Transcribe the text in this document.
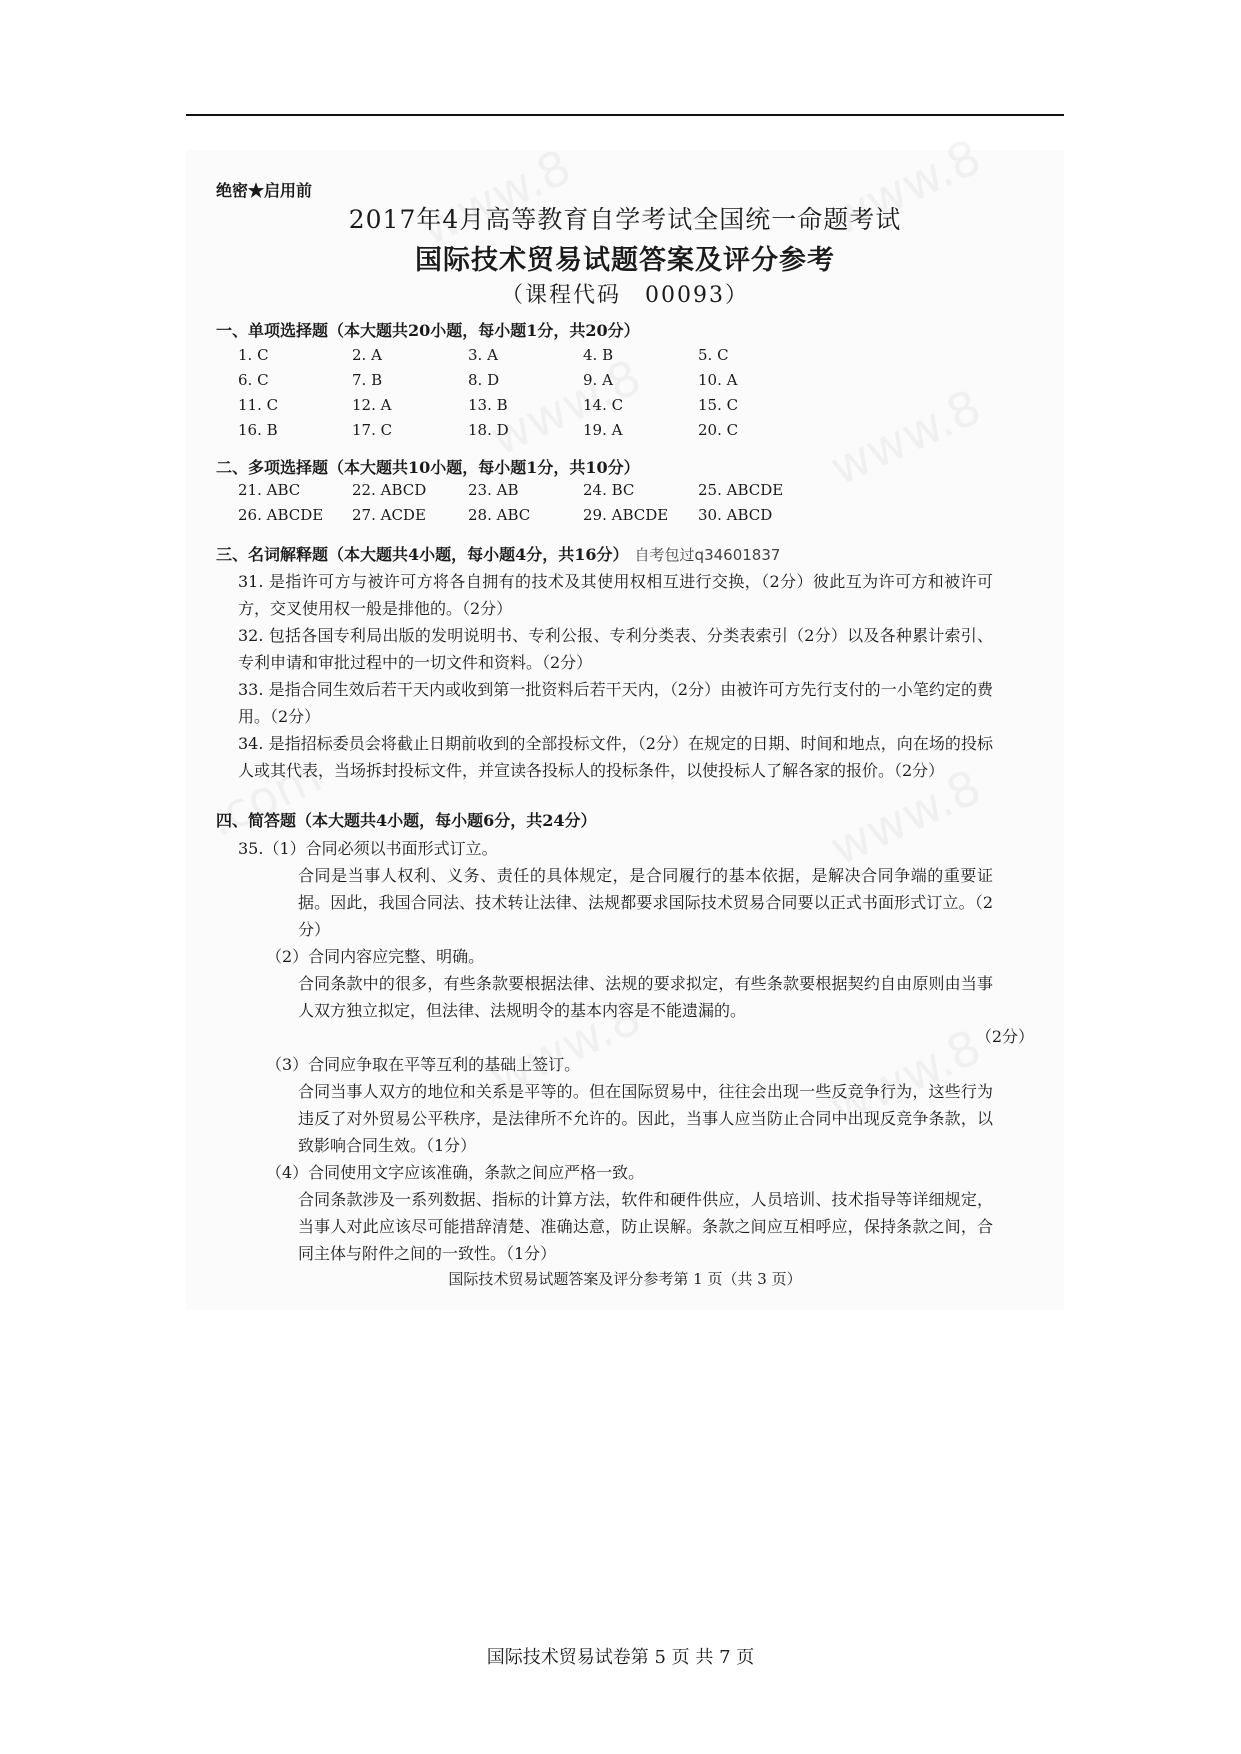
绝密★启用前
2017年4月高等教育自学考试全国统一命题考试
国际技术贸易试题答案及评分参考
（课程代码　00093）
一、单项选择题（本大题共20小题，每小题1分，共20分）
1. C	2. A	3. A	4. B	5. C
6. C	7. B	8. D	9. A	10. A
11. C	12. A	13. B	14. C	15. C
16. B	17. C	18. D	19. A	20. C
二、多项选择题（本大题共10小题，每小题1分，共10分）
21. ABC	22. ABCD	23. AB	24. BC	25. ABCDE
26. ABCDE 27. ACDE	28. ABC	29. ABCDE 30. ABCD
三、名词解释题（本大题共4小题，每小题4分，共16分） 自考包过q34601837
31. 是指许可方与被许可方将各自拥有的技术及其使用权相互进行交换，（2分）彼此互为许可方和被许可方，交叉使用权一般是排他的。（2分）
32. 包括各国专利局出版的发明说明书、专利公报、专利分类表、分类表索引（2分）以及各种累计索引、专利申请和审批过程中的一切文件和资料。（2分）
33. 是指合同生效后若干天内或收到第一批资料后若干天内，（2分）由被许可方先行支付的一小笔约定的费用。（2分）
34. 是指招标委员会将截止日期前收到的全部投标文件，（2分）在规定的日期、时间和地点，向在场的投标人或其代表，当场拆封投标文件，并宣读各投标人的投标条件，以使投标人了解各家的报价。（2分）
四、简答题（本大题共4小题，每小题6分，共24分）
35.（1）合同必须以书面形式订立。
合同是当事人权利、义务、责任的具体规定，是合同履行的基本依据，是解决合同争端的重要证据。因此，我国合同法、技术转让法律、法规都要求国际技术贸易合同要以正式书面形式订立。（2分）
（2）合同内容应完整、明确。
合同条款中的很多，有些条款要根据法律、法规的要求拟定，有些条款要根据契约自由原则由当事人双方独立拟定，但法律、法规明令的基本内容是不能遗漏的。
（2分）
（3）合同应争取在平等互利的基础上签订。
合同当事人双方的地位和关系是平等的。但在国际贸易中，往往会出现一些反竞争行为，这些行为违反了对外贸易公平秩序，是法律所不允许的。因此，当事人应当防止合同中出现反竞争条款，以致影响合同生效。（1分）
（4）合同使用文字应该准确，条款之间应严格一致。
合同条款涉及一系列数据、指标的计算方法，软件和硬件供应，人员培训、技术指导等详细规定，当事人对此应该尽可能措辞清楚、准确达意，防止误解。条款之间应互相呼应，保持条款之间，合同主体与附件之间的一致性。（1分）
国际技术贸易试题答案及评分参考第 1 页（共 3 页）
国际技术贸易试卷第 5 页 共 7 页
